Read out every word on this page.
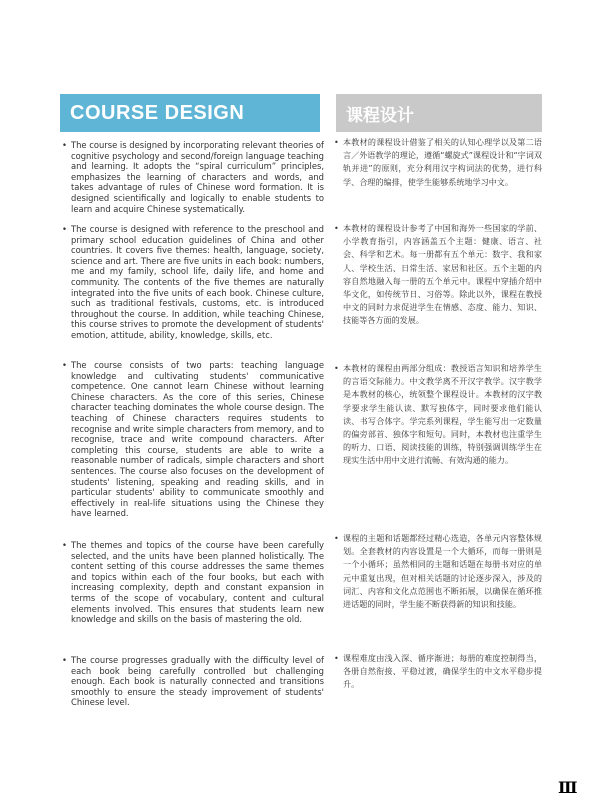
COURSE DESIGN	课程设计
• The course is designed by incorporating relevant theories of cognitive psychology and second/foreign language teaching and learning. It adopts the “spiral curriculum” principles, emphasizes the learning of characters and words, and takes advantage of rules of Chinese word formation. It is designed scientifically and logically to enable students to learn and acquire Chinese systematically.
• The course is designed with reference to the preschool and primary school education guidelines of China and other countries. It covers five themes: health, language, society, science and art. There are five units in each book: numbers, me and my family, school life, daily life, and home and community. The contents of the five themes are naturally integrated into the five units of each book. Chinese culture, such as traditional festivals, customs, etc. is introduced throughout the course. In addition, while teaching Chinese, this course strives to promote the development of students' emotion, attitude, ability, knowledge, skills, etc.
• The course consists of two parts: teaching language knowledge and cultivating students' communicative competence. One cannot learn Chinese without learning Chinese characters. As the core of this series, Chinese character teaching dominates the whole course design. The teaching of Chinese characters requires students to recognise and write simple characters from memory, and to recognise, trace and write compound characters. After completing this course, students are able to write a reasonable number of radicals, simple characters and short sentences. The course also focuses on the development of students' listening, speaking and reading skills, and in particular students' ability to communicate smoothly and effectively in real-life situations using the Chinese they have learned.
• The themes and topics of the course have been carefully selected, and the units have been planned holistically. The content setting of this course addresses the same themes and topics within each of the four books, but each with increasing complexity, depth and constant expansion in terms of the scope of vocabulary, content and cultural elements involved. This ensures that students learn new knowledge and skills on the basis of mastering the old.
• The course progresses gradually with the difficulty level of each book being carefully controlled but challenging enough. Each book is naturally connected and transitions smoothly to ensure the steady improvement of students' Chinese level.
• 本教材的课程设计借鉴了相关的认知心理学以及第二语言／外语教学的理论，遵循“螺旋式”课程设计和“字词双轨并进”的原则，充分利用汉字构词法的优势，进行科学、合理的编排，使学生能够系统地学习中文。
• 本教材的课程设计参考了中国和海外一些国家的学前、小学教育指引，内容涵盖五个主题：健康、语言、社会、科学和艺术。每一册都有五个单元：数字、我和家人、学校生活、日常生活、家居和社区。五个主题的内容自然地融入每一册的五个单元中。课程中穿插介绍中华文化，如传统节日、习俗等。除此以外，课程在教授中文的同时力求促进学生在情感、态度、能力、知识、技能等各方面的发展。
• 本教材的课程由两部分组成：教授语言知识和培养学生的言语交际能力。中文教学离不开汉字教学。汉字教学是本教材的核心，统领整个课程设计。本教材的汉字教学要求学生能认读、默写独体字，同时要求他们能认读、书写合体字。学完系列课程，学生能写出一定数量的偏旁部首、独体字和短句。同时，本教材也注重学生的听力、口语、阅读技能的训练，特别强调训练学生在现实生活中用中文进行流畅、有效沟通的能力。
• 课程的主题和话题都经过精心选造，各单元内容整体规划。全套教材的内容设置是一个大循环，而每一册则是一个小循环；虽然相同的主题和话题在每册书对应的单元中重复出现，但对相关话题的讨论逐步深入，涉及的词汇、内容和文化点范围也不断拓展，以确保在循环推进话题的同时，学生能不断获得新的知识和技能。
• 课程难度由浅入深、循序渐进；每册的难度控制得当，各册自然衔接、平稳过渡，确保学生的中文水平稳步提升。
Ⅲ
